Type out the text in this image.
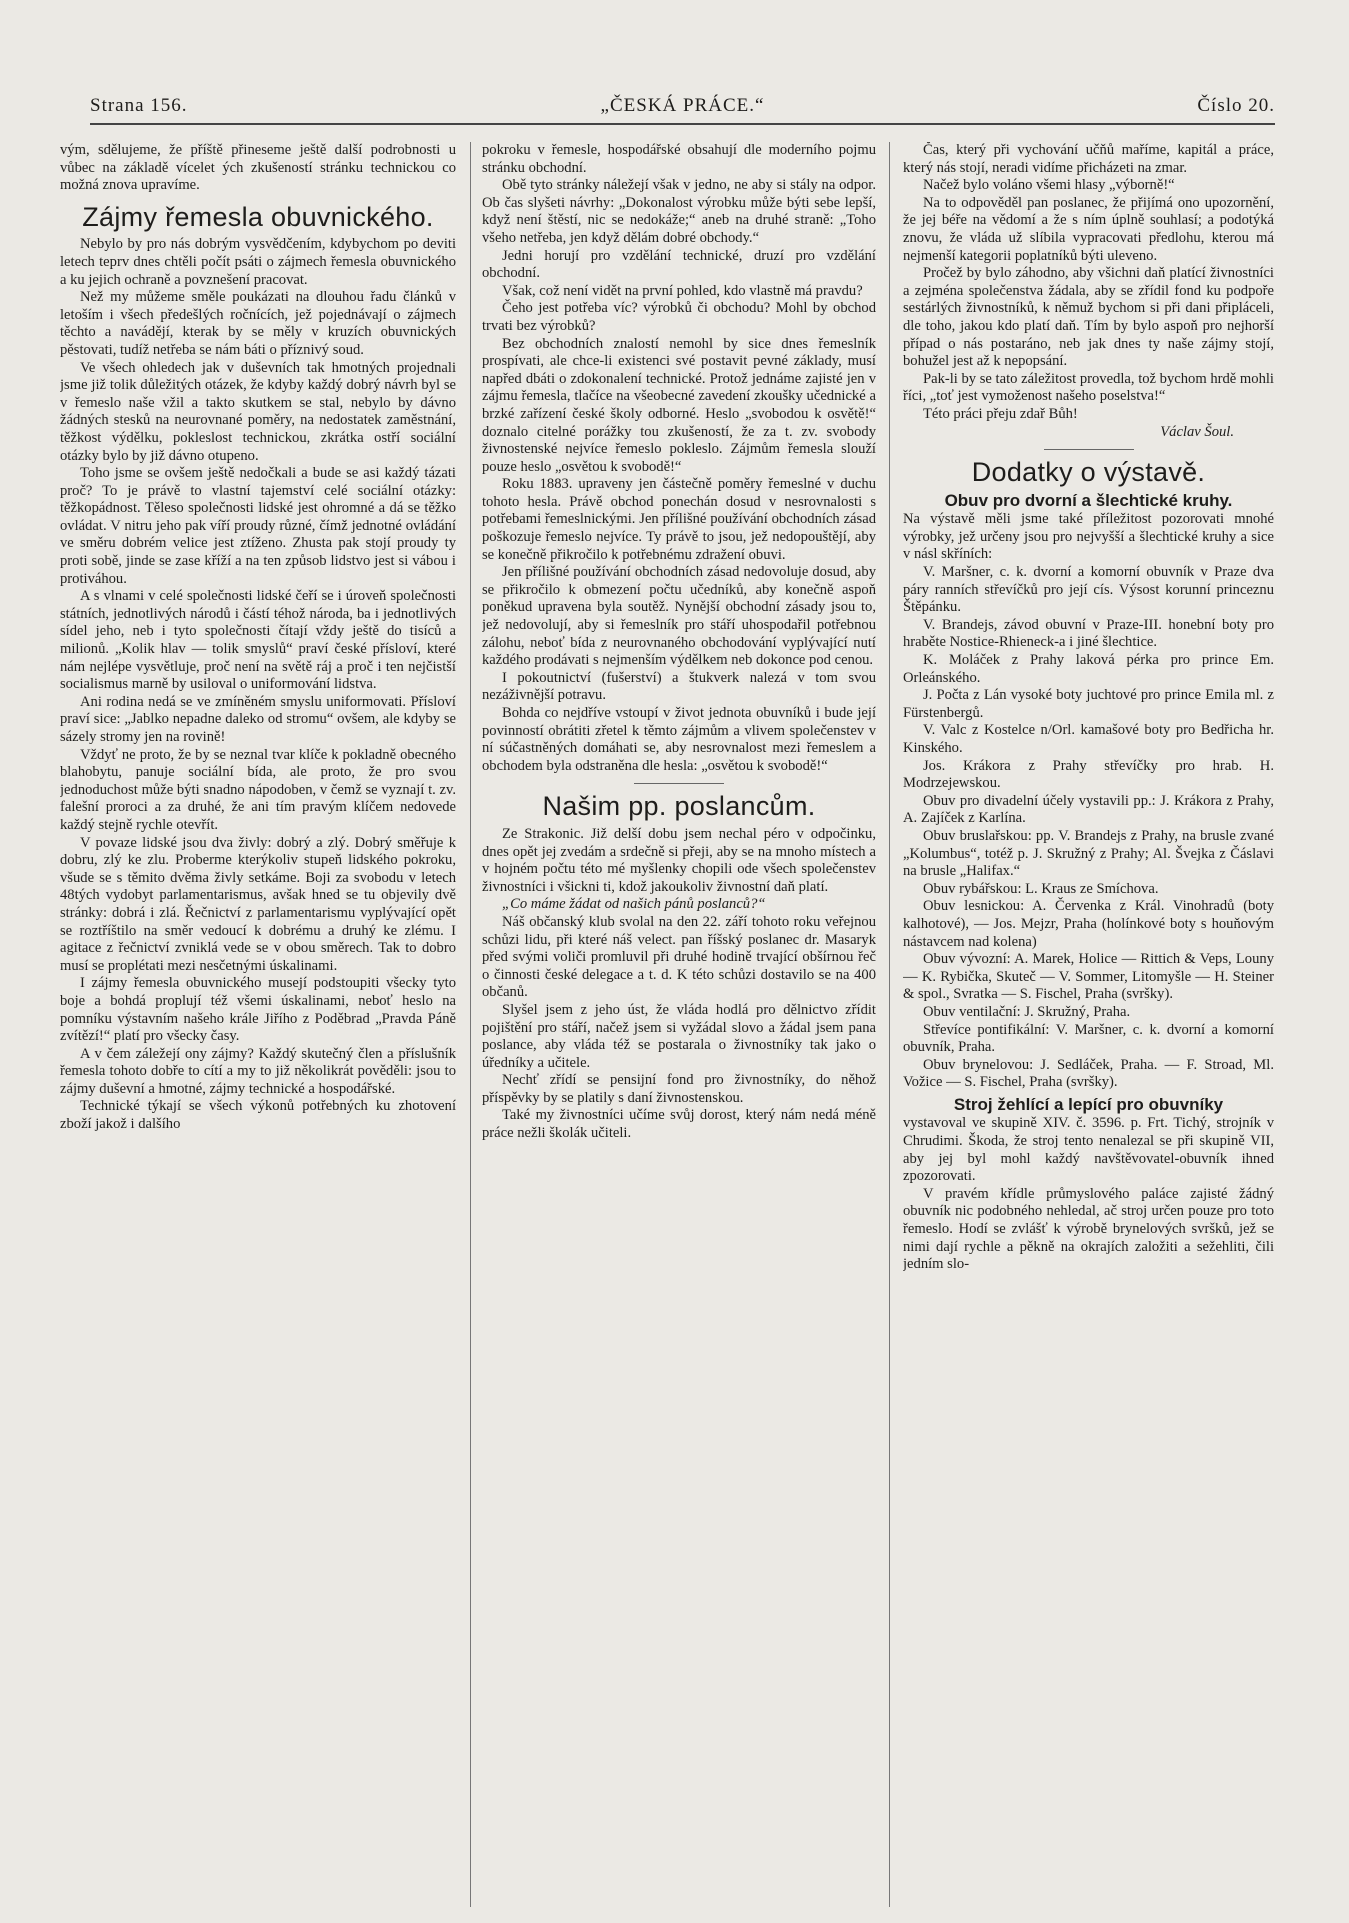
Strana 156.	„ČESKÁ PRÁCE.“	Číslo 20.

vým, sdělujeme, že příště přineseme ještě další podrobnosti u vůbec na základě vícelet ých zkušeností stránku technickou co možná znova upravíme.

Zájmy řemesla obuvnického.

Nebylo by pro nás dobrým vysvědčením, kdybychom po deviti letech teprv dnes chtěli počít psáti o zájmech řemesla obuvnického a ku jejich ochraně a povznešení pracovat.

Než my můžeme směle poukázati na dlouhou řadu článků v letoším i všech předešlých ročnících, jež pojednávají o zájmech těchto a navádějí, kterak by se měly v kruzích obuvnických pěstovati, tudíž netřeba se nám báti o příznivý soud.

Ve všech ohledech jak v duševních tak hmotných projednali jsme již tolik důležitých otázek, že kdyby každý dobrý návrh byl se v řemeslo naše vžil a takto skutkem se stal, nebylo by dávno žádných stesků na neurovnané poměry, na nedostatek zaměstnání, těžkost výdělku, pokleslost technickou, zkrátka ostří sociální otázky bylo by již dávno otupeno.

Toho jsme se ovšem ještě nedočkali a bude se asi každý tázati proč? To je právě to vlastní tajemství celé sociální otázky: těžkopádnost. Těleso společnosti lidské jest ohromné a dá se těžko ovládat. V nitru jeho pak víří proudy různé, čímž jednotné ovládání ve směru dobrém velice jest ztíženo. Zhusta pak stojí proudy ty proti sobě, jinde se zase kříží a na ten způsob lidstvo jest si vábou i protiváhou.

A s vlnami v celé společnosti lidské čeří se i úroveň společnosti státních, jednotlivých národů i částí téhož národa, ba i jednotlivých sídel jeho, neb i tyto společnosti čítají vždy ještě do tisíců a milionů. „Kolik hlav — tolik smyslů“ praví české přísloví, které nám nejlépe vysvětluje, proč není na světě ráj a proč i ten nejčistší socialismus marně by usiloval o uniformování lidstva.

Ani rodina nedá se ve zmíněném smyslu uniformovati. Přísloví praví sice: „Jablko nepadne daleko od stromu“ ovšem, ale kdyby se sázely stromy jen na rovině!

Vždyť ne proto, že by se neznal tvar klíče k pokladně obecného blahobytu, panuje sociální bída, ale proto, že pro svou jednoduchost může býti snadno nápodoben, v čemž se vyznají t. zv. falešní proroci a za druhé, že ani tím pravým klíčem nedovede každý stejně rychle otevřít.

V povaze lidské jsou dva živly: dobrý a zlý. Dobrý směřuje k dobru, zlý ke zlu. Proberme kterýkoliv stupeň lidského pokroku, všude se s těmito dvěma živly setkáme. Boji za svobodu v letech 48tých vydobyt parlamentarismus, avšak hned se tu objevily dvě stránky: dobrá i zlá. Řečnictví z parlamentarismu vyplývající opět se roztříštilo na směr vedoucí k dobrému a druhý ke zlému. I agitace z řečnictví zvniklá vede se v obou směrech. Tak to dobro musí se proplétati mezi nesčetnými úskalinami.

I zájmy řemesla obuvnického musejí podstoupiti všecky tyto boje a bohdá proplují též všemi úskalinami, neboť heslo na pomníku výstavním našeho krále Jiřího z Poděbrad „Pravda Páně zvítězí!“ platí pro všecky časy.

A v čem záležejí ony zájmy? Každý skutečný člen a příslušník řemesla tohoto dobře to cítí a my to již několikrát pověděli: jsou to zájmy duševní a hmotné, zájmy technické a hospodářské.

Technické týkají se všech výkonů potřebných ku zhotovení zboží jakož i dalšího

pokroku v řemesle, hospodářské obsahují dle moderního pojmu stránku obchodní.

Obě tyto stránky náležejí však v jedno, ne aby si stály na odpor. Ob čas slyšeti návrhy: „Dokonalost výrobku může býti sebe lepší, když není štěstí, nic se nedokáže;“ aneb na druhé straně: „Toho všeho netřeba, jen když dělám dobré obchody.“

Jedni horují pro vzdělání technické, druzí pro vzdělání obchodní.

Však, což není vidět na první pohled, kdo vlastně má pravdu?

Čeho jest potřeba víc? výrobků či obchodu? Mohl by obchod trvati bez výrobků?

Bez obchodních znalostí nemohl by sice dnes řemeslník prospívati, ale chce-li existenci své postavit pevné základy, musí napřed dbáti o zdokonalení technické. Protož jednáme zajisté jen v zájmu řemesla, tlačíce na všeobecné zavedení zkoušky učednické a brzké zařízení české školy odborné. Heslo „svobodou k osvětě!“ doznalo citelné porážky tou zkušeností, že za t. zv. svobody živnostenské nejvíce řemeslo pokleslo. Zájmům řemesla slouží pouze heslo „osvětou k svobodě!“

Roku 1883. upraveny jen částečně poměry řemeslné v duchu tohoto hesla. Právě obchod ponechán dosud v nesrovnalosti s potřebami řemeslnickými. Jen přílišné používání obchodních zásad poškozuje řemeslo nejvíce. Ty právě to jsou, jež nedopouštějí, aby se konečně přikročilo k potřebnému zdražení obuvi.

Jen přílišné používání obchodních zásad nedovoluje dosud, aby se přikročilo k obmezení počtu učedníků, aby konečně aspoň poněkud upravena byla soutěž. Nynější obchodní zásady jsou to, jež nedovolují, aby si řemeslník pro stáří uhospodařil potřebnou zálohu, neboť bída z neurovnaného obchodování vyplývající nutí každého prodávati s nejmenším výdělkem neb dokonce pod cenou.

I pokoutnictví (fušerství) a štukverk nalezá v tom svou nezáživnější potravu.

Bohda co nejdříve vstoupí v život jednota obuvníků i bude její povinností obrátiti zřetel k těmto zájmům a vlivem společenstev v ní súčastněných domáhati se, aby nesrovnalost mezi řemeslem a obchodem byla odstraněna dle hesla: „osvětou k svobodě!“

Našim pp. poslancům.

Ze Strakonic. Již delší dobu jsem nechal péro v odpočinku, dnes opět jej zvedám a srdečně si přeji, aby se na mnoho místech a v hojném počtu této mé myšlenky chopili ode všech společenstev živnostníci i všickni ti, kdož jakoukoliv živnostní daň platí.

„Co máme žádat od našich pánů poslanců?“

Náš občanský klub svolal na den 22. září tohoto roku veřejnou schůzi lidu, při které náš velect. pan říšský poslanec dr. Masaryk před svými voliči promluvil při druhé hodině trvající obšírnou řeč o činnosti české delegace a t. d. K této schůzi dostavilo se na 400 občanů.

Slyšel jsem z jeho úst, že vláda hodlá pro dělnictvo zřídit pojištění pro stáří, načež jsem si vyžádal slovo a žádal jsem pana poslance, aby vláda též se postarala o živnostníky tak jako o úředníky a učitele.

Nechť zřídí se pensijní fond pro živnostníky, do něhož příspěvky by se platily s daní živnostenskou.

Také my živnostníci učíme svůj dorost, který nám nedá méně práce nežli školák učiteli.

Čas, který při vychování učňů maříme, kapitál a práce, který nás stojí, neradi vidíme přicházeti na zmar.

Načež bylo voláno všemi hlasy „výborně!“

Na to odpověděl pan poslanec, že přijímá ono upozornění, že jej béře na vědomí a že s ním úplně souhlasí; a podotýká znovu, že vláda už slíbila vypracovati předlohu, kterou má nejmenší kategorii poplatníků býti uleveno.

Pročež by bylo záhodno, aby všichni daň platící živnostníci a zejména společenstva žádala, aby se zřídil fond ku podpoře sestárlých živnostníků, k němuž bychom si při dani připláceli, dle toho, jakou kdo platí daň. Tím by bylo aspoň pro nejhorší případ o nás postaráno, neb jak dnes ty naše zájmy stojí, bohužel jest až k nepopsání.

Pak-li by se tato záležitost provedla, tož bychom hrdě mohli říci, „toť jest vymoženost našeho poselstva!“

Této práci přeju zdař Bůh!

Václav Šoul.

Dodatky o výstavě.
Obuv pro dvorní a šlechtické kruhy.

Na výstavě měli jsme také příležitost pozorovati mnohé výrobky, jež určeny jsou pro nejvyšší a šlechtické kruhy a sice v násl skříních:

V. Maršner, c. k. dvorní a komorní obuvník v Praze dva páry ranních střevíčků pro její cís. Výsost korunní princeznu Štěpánku.

V. Brandejs, závod obuvní v Praze-III. honební boty pro hraběte Nostice-Rhieneck-a i jiné šlechtice.

K. Moláček z Prahy laková pérka pro prince Em. Orleánského.

J. Počta z Lán vysoké boty juchtové pro prince Emila ml. z Fürstenbergů.

V. Valc z Kostelce n/Orl. kamašové boty pro Bedřicha hr. Kinského.

Jos. Krákora z Prahy střevíčky pro hrab. H. Modrzejewskou.

Obuv pro divadelní účely vystavili pp.: J. Krákora z Prahy, A. Zajíček z Karlína.

Obuv bruslařskou: pp. V. Brandejs z Prahy, na brusle zvané „Kolumbus“, totéž p. J. Skružný z Prahy; Al. Švejka z Čáslavi na brusle „Halifax.“

Obuv rybářskou: L. Kraus ze Smíchova.

Obuv lesnickou: A. Červenka z Král. Vinohradů (boty kalhotové), — Jos. Mejzr, Praha (holínkové boty s houňovým nástavcem nad kolena)

Obuv vývozní: A. Marek, Holice — Rittich & Veps, Louny — K. Rybička, Skuteč — V. Sommer, Litomyšle — H. Steiner & spol., Svratka — S. Fischel, Praha (svršky).

Obuv ventilační: J. Skružný, Praha.

Střevíce pontifikální: V. Maršner, c. k. dvorní a komorní obuvník, Praha.

Obuv brynelovou: J. Sedláček, Praha. — F. Stroad, Ml. Vožice — S. Fischel, Praha (svršky).

Stroj žehlící a lepící pro obuvníky

vystavoval ve skupině XIV. č. 3596. p. Frt. Tichý, strojník v Chrudimi. Škoda, že stroj tento nenalezal se při skupině VII, aby jej byl mohl každý navštěvovatel-obuvník ihned zpozorovati.

V pravém křídle průmyslového paláce zajisté žádný obuvník nic podobného nehledal, ač stroj určen pouze pro toto řemeslo. Hodí se zvlášť k výrobě brynelových svršků, jež se nimi dají rychle a pěkně na okrajích založiti a sežehliti, čili jedním slo-
